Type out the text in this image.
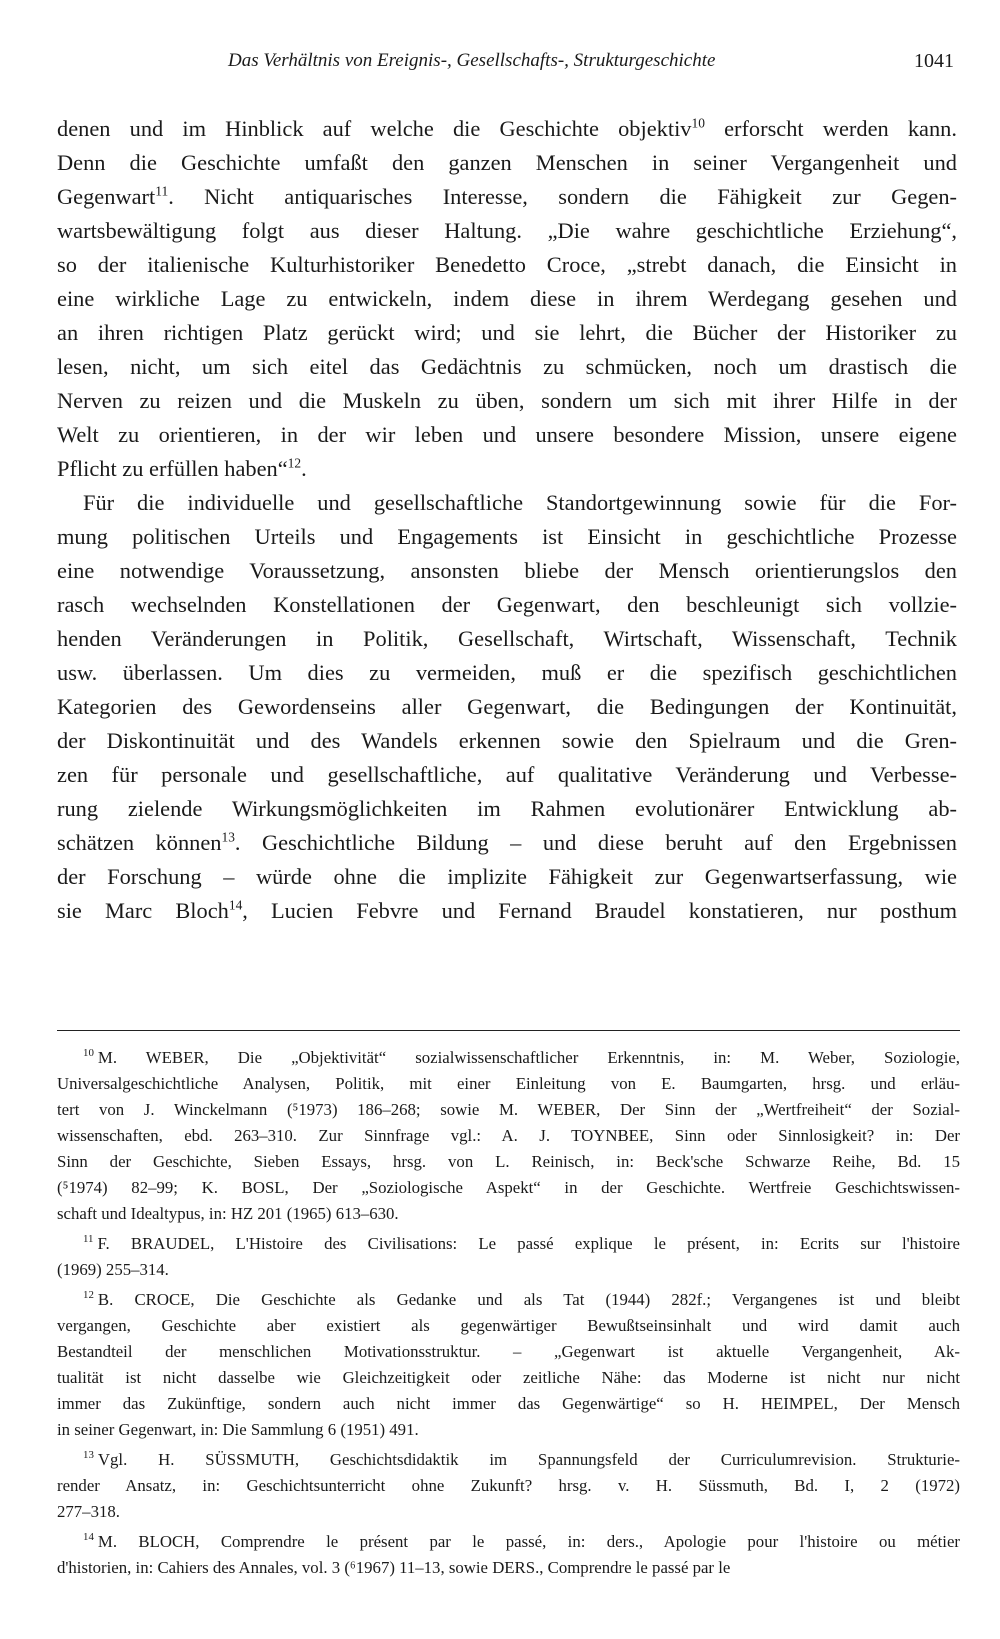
Das Verhältnis von Ereignis-, Gesellschafts-, Strukturgeschichte	1041
denen und im Hinblick auf welche die Geschichte objektiv$^{10}$ erforscht werden kann.
Denn die Geschichte umfaßt den ganzen Menschen in seiner Vergangenheit und
Gegenwart$^{11}$. Nicht antiquarisches Interesse, sondern die Fähigkeit zur Gegen-
wartsbewältigung folgt aus dieser Haltung. „Die wahre geschichtliche Erziehung“,
so der italienische Kulturhistoriker Benedetto Croce, „strebt danach, die Einsicht in
eine wirkliche Lage zu entwickeln, indem diese in ihrem Werdegang gesehen und
an ihren richtigen Platz gerückt wird; und sie lehrt, die Bücher der Historiker zu
lesen, nicht, um sich eitel das Gedächtnis zu schmücken, noch um drastisch die
Nerven zu reizen und die Muskeln zu üben, sondern um sich mit ihrer Hilfe in der
Welt zu orientieren, in der wir leben und unsere besondere Mission, unsere eigene
Pflicht zu erfüllen haben“$^{12}$.
Für die individuelle und gesellschaftliche Standortgewinnung sowie für die For-
mung politischen Urteils und Engagements ist Einsicht in geschichtliche Prozesse
eine notwendige Voraussetzung, ansonsten bliebe der Mensch orientierungslos den
rasch wechselnden Konstellationen der Gegenwart, den beschleunigt sich vollzie-
henden Veränderungen in Politik, Gesellschaft, Wirtschaft, Wissenschaft, Technik
usw. überlassen. Um dies zu vermeiden, muß er die spezifisch geschichtlichen
Kategorien des Gewordenseins aller Gegenwart, die Bedingungen der Kontinuität,
der Diskontinuität und des Wandels erkennen sowie den Spielraum und die Gren-
zen für personale und gesellschaftliche, auf qualitative Veränderung und Verbesse-
rung zielende Wirkungsmöglichkeiten im Rahmen evolutionärer Entwicklung ab-
schätzen können$^{13}$. Geschichtliche Bildung – und diese beruht auf den Ergebnissen
der Forschung – würde ohne die implizite Fähigkeit zur Gegenwartserfassung, wie
sie Marc Bloch$^{14}$, Lucien Febvre und Fernand Braudel konstatieren, nur posthum
$^{10}$ M. WEBER, Die „Objektivität“ sozialwissenschaftlicher Erkenntnis, in: M. Weber, Soziologie,
Universalgeschichtliche Analysen, Politik, mit einer Einleitung von E. Baumgarten, hrsg. und erläu-
tert von J. Winckelmann (⁵1973) 186–268; sowie M. WEBER, Der Sinn der „Wertfreiheit“ der Sozial-
wissenschaften, ebd. 263–310. Zur Sinnfrage vgl.: A. J. TOYNBEE, Sinn oder Sinnlosigkeit? in: Der
Sinn der Geschichte, Sieben Essays, hrsg. von L. Reinisch, in: Beck'sche Schwarze Reihe, Bd. 15
(⁵1974) 82–99; K. BOSL, Der „Soziologische Aspekt“ in der Geschichte. Wertfreie Geschichtswissen-
schaft und Idealtypus, in: HZ 201 (1965) 613–630.
$^{11}$ F. BRAUDEL, L'Histoire des Civilisations: Le passé explique le présent, in: Ecrits sur l'histoire
(1969) 255–314.
$^{12}$ B. CROCE, Die Geschichte als Gedanke und als Tat (1944) 282f.; Vergangenes ist und bleibt
vergangen, Geschichte aber existiert als gegenwärtiger Bewußtseinsinhalt und wird damit auch
Bestandteil der menschlichen Motivationsstruktur. – „Gegenwart ist aktuelle Vergangenheit, Ak-
tualität ist nicht dasselbe wie Gleichzeitigkeit oder zeitliche Nähe: das Moderne ist nicht nur nicht
immer das Zukünftige, sondern auch nicht immer das Gegenwärtige“ so H. HEIMPEL, Der Mensch
in seiner Gegenwart, in: Die Sammlung 6 (1951) 491.
$^{13}$ Vgl. H. SÜSSMUTH, Geschichtsdidaktik im Spannungsfeld der Curriculumrevision. Strukturie-
render Ansatz, in: Geschichtsunterricht ohne Zukunft? hrsg. v. H. Süssmuth, Bd. I, 2 (1972)
277–318.
$^{14}$ M. BLOCH, Comprendre le présent par le passé, in: ders., Apologie pour l'histoire ou métier
d'historien, in: Cahiers des Annales, vol. 3 (⁶1967) 11–13, sowie DERS., Comprendre le passé par le
